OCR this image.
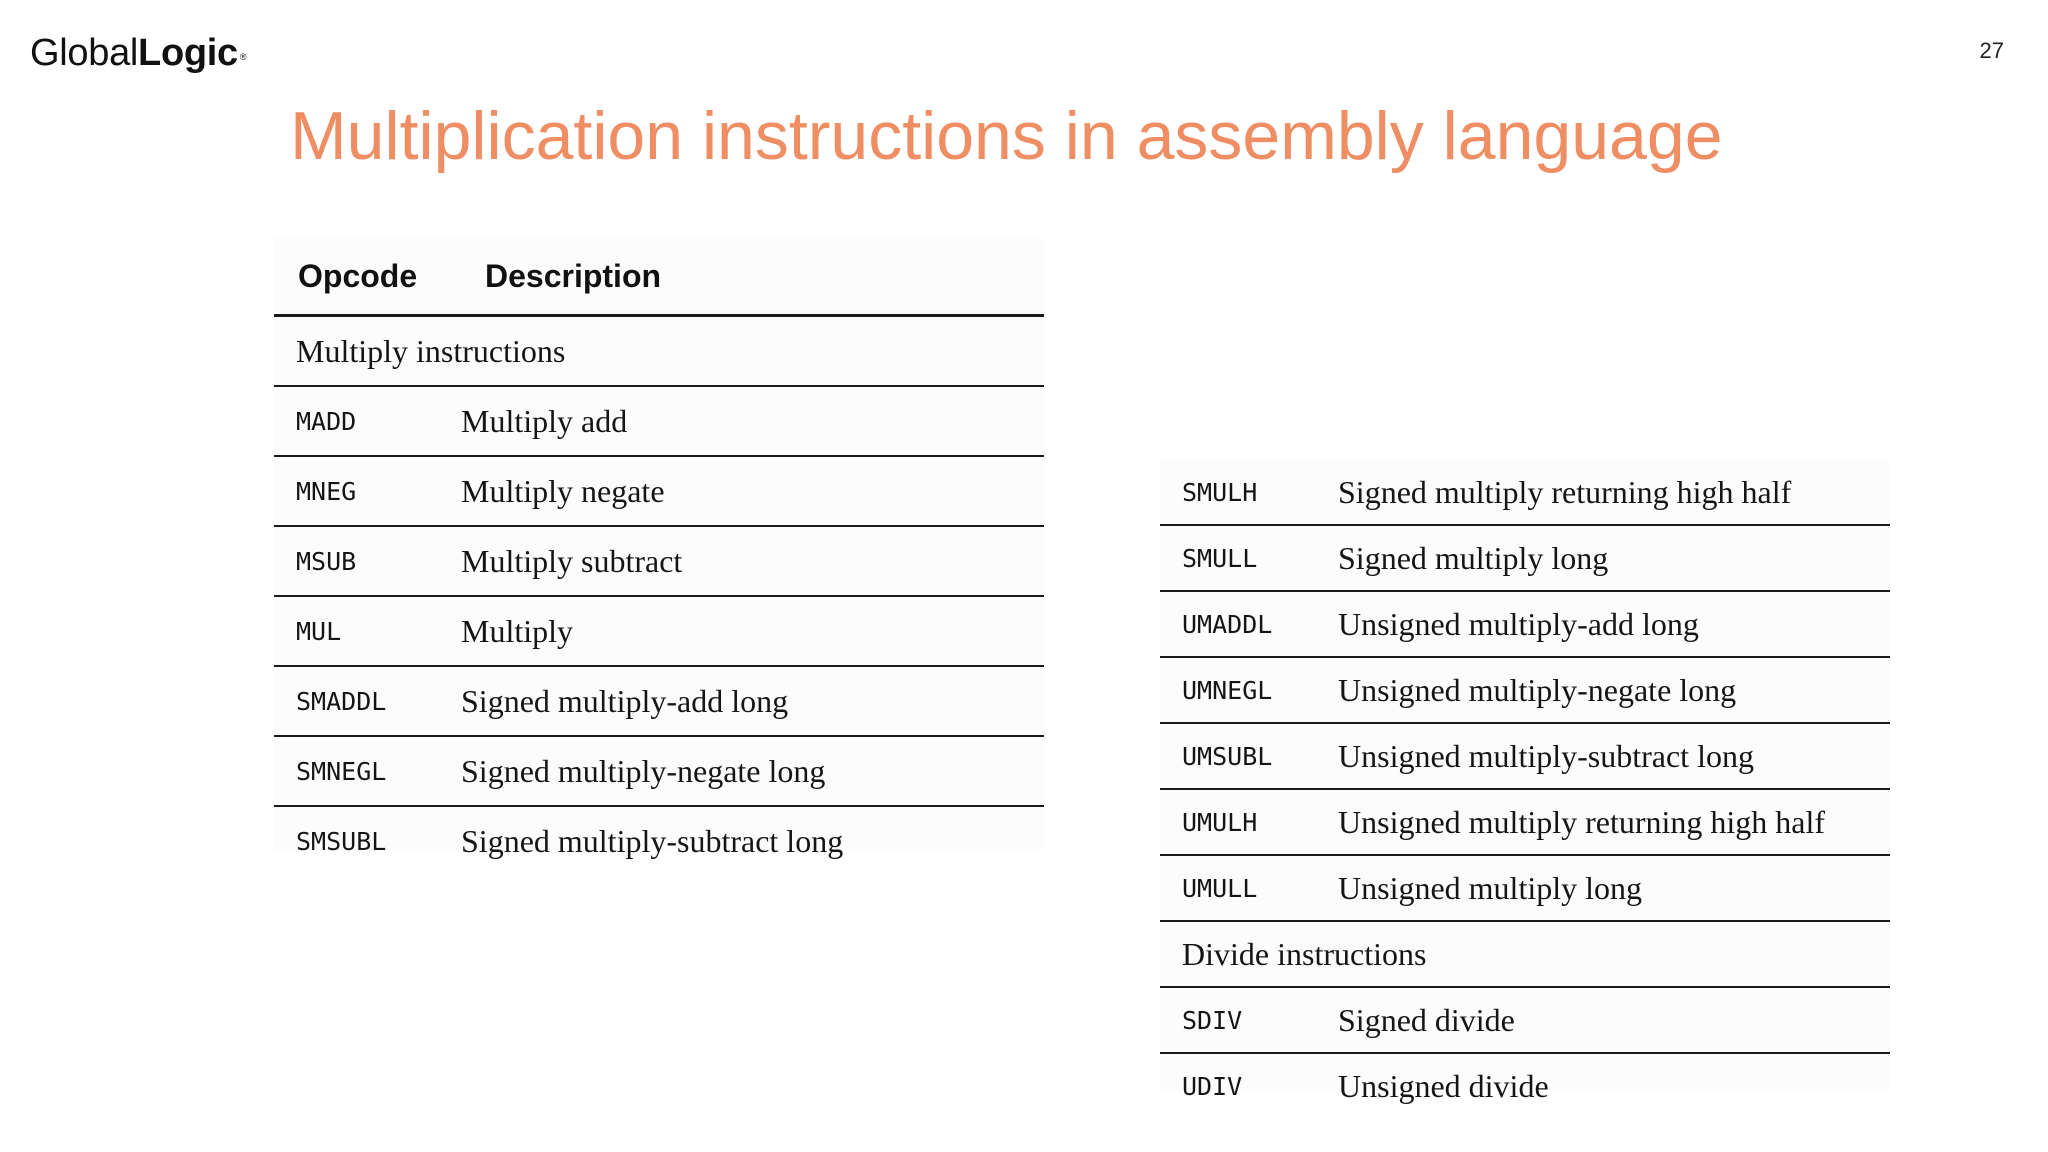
GlobalLogic ®	27
Multiplication instructions in assembly language
Opcode	Description
Multiply instructions	
MADD	Multiply add
MNEG	Multiply negate
MSUB	Multiply subtract
MUL	Multiply
SMADDL	Signed multiply-add long
SMNEGL	Signed multiply-negate long
SMSUBL	Signed multiply-subtract long
SMULH	Signed multiply returning high half
SMULL	Signed multiply long
UMADDL	Unsigned multiply-add long
UMNEGL	Unsigned multiply-negate long
UMSUBL	Unsigned multiply-subtract long
UMULH	Unsigned multiply returning high half
UMULL	Unsigned multiply long
Divide instructions	
SDIV	Signed divide
UDIV	Unsigned divide
